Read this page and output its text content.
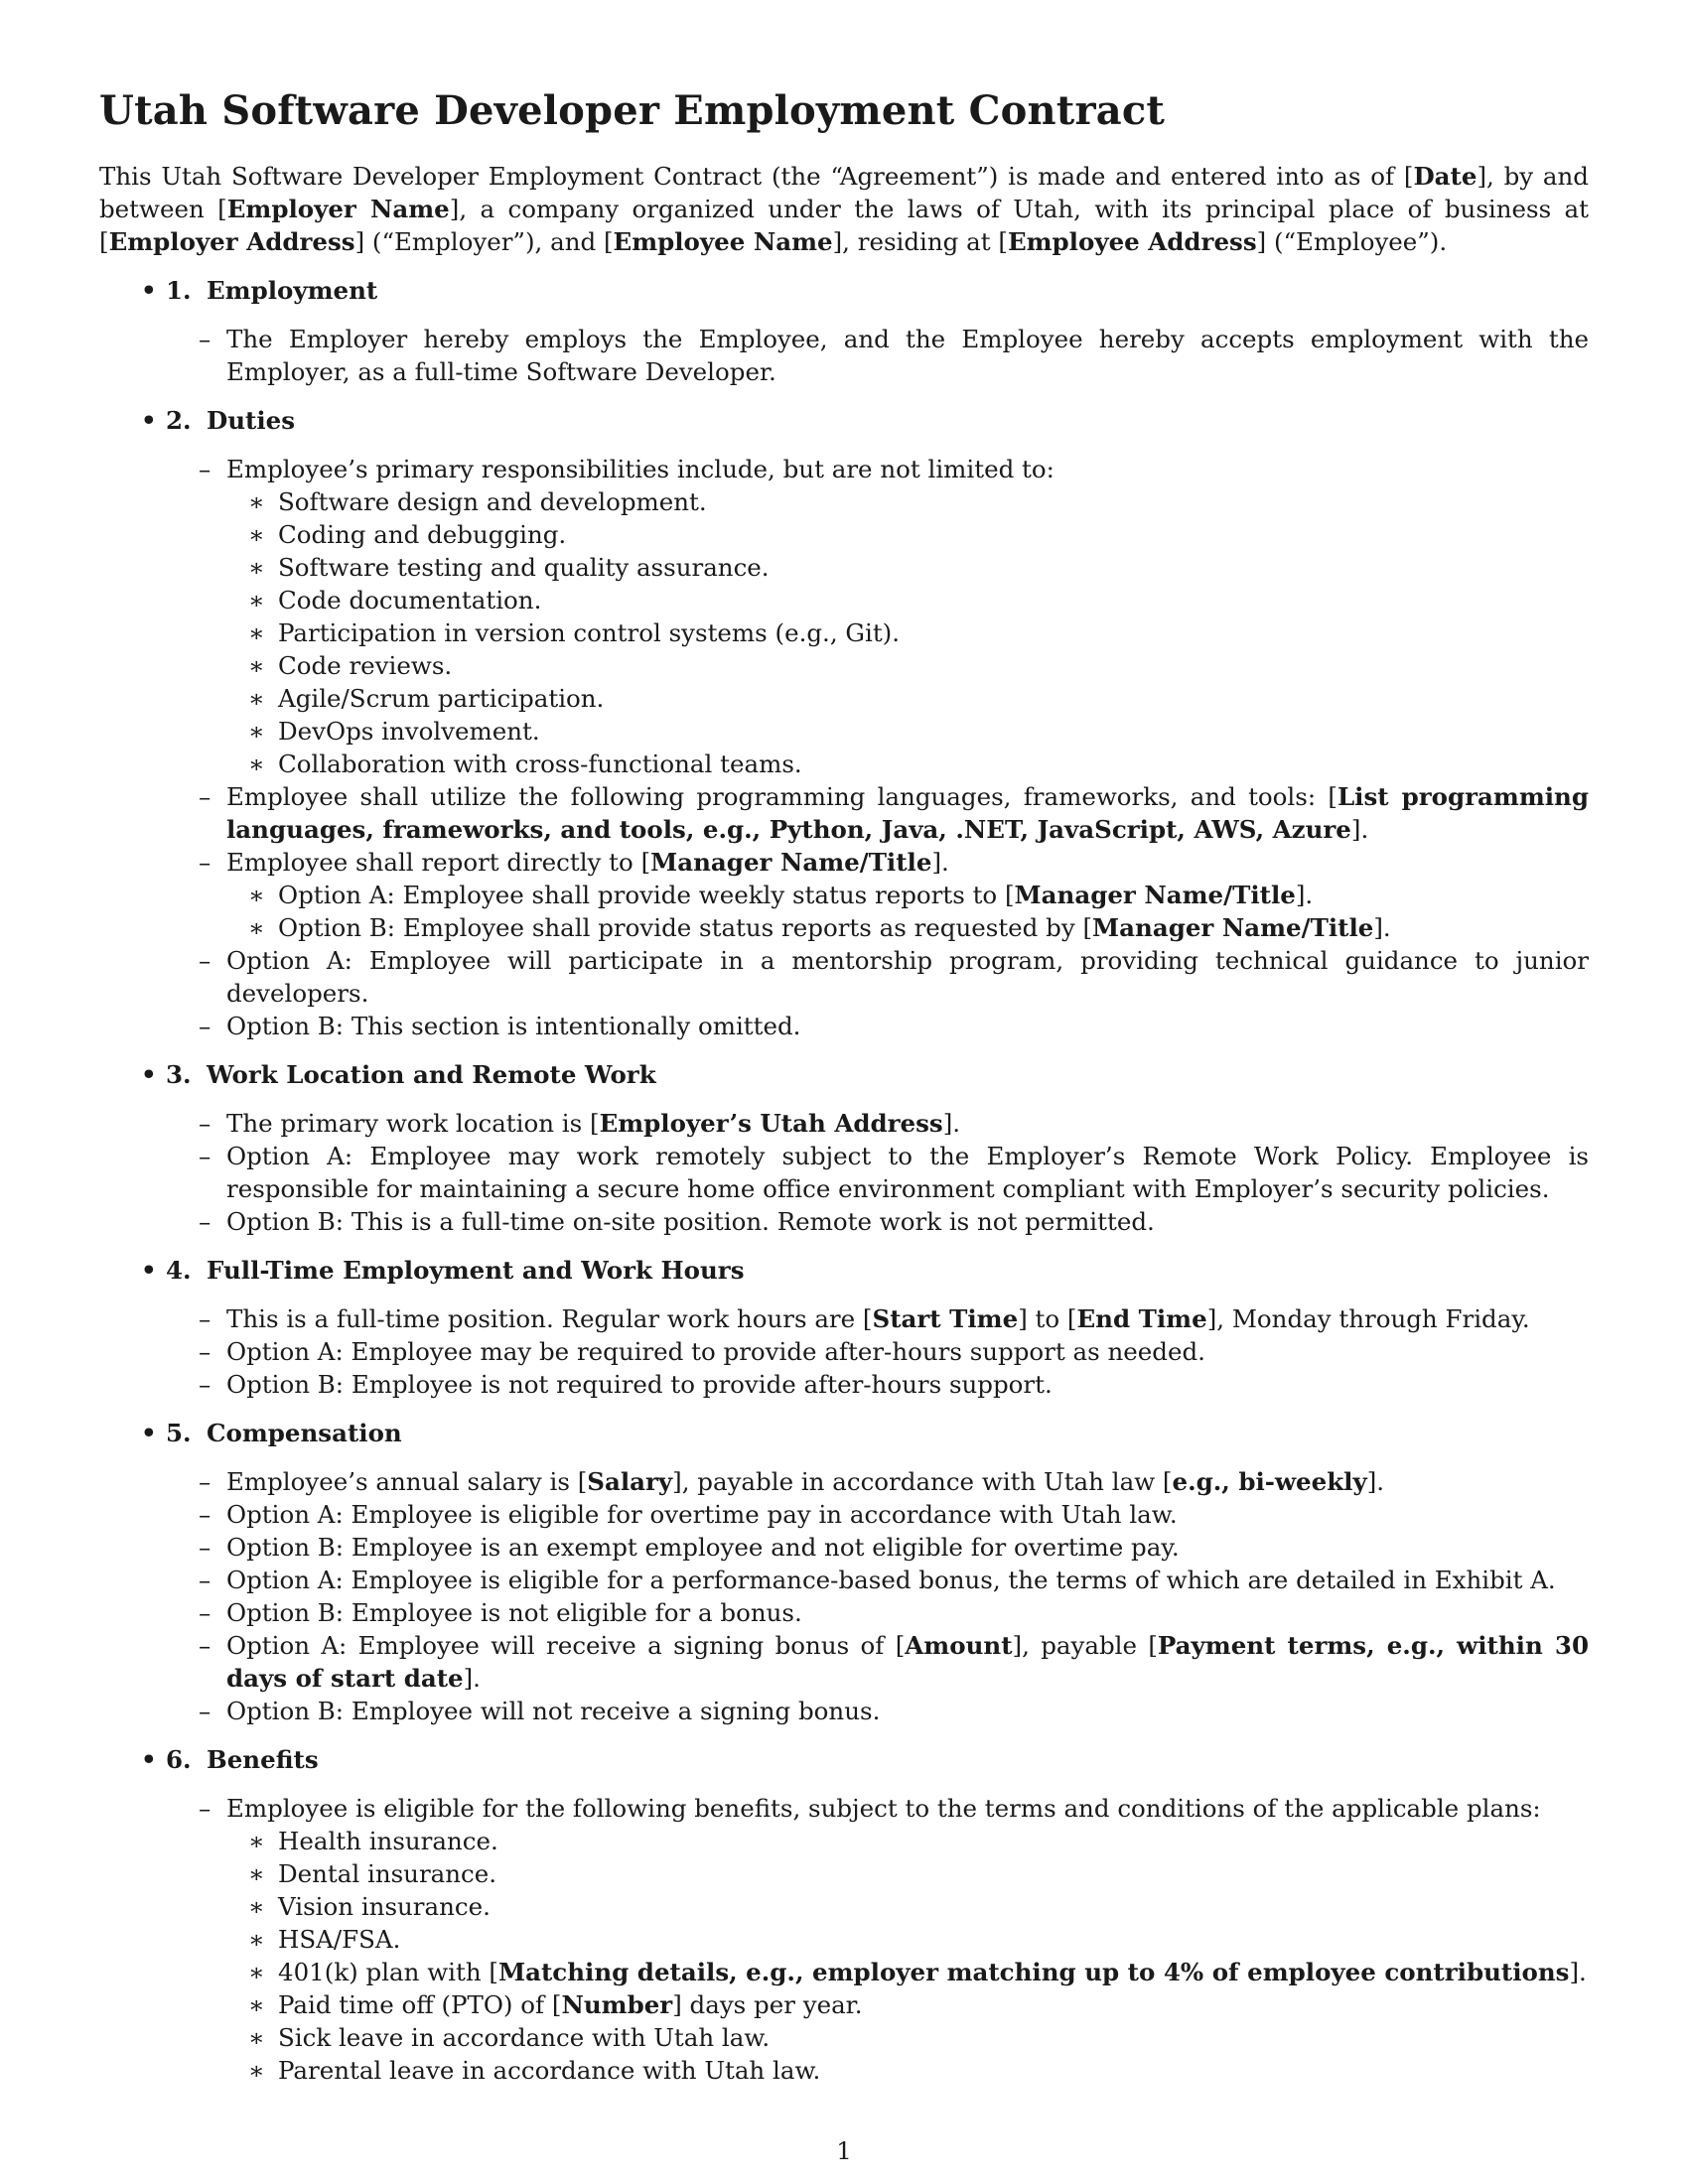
Utah Software Developer Employment Contract

This Utah Software Developer Employment Contract (the “Agreement”) is made and entered into as of [Date], by and between [Employer Name], a company organized under the laws of Utah, with its principal place of business at [Employer Address] (“Employer”), and [Employee Name], residing at [Employee Address] (“Employee”).

• 1. Employment
– The Employer hereby employs the Employee, and the Employee hereby accepts employment with the Employer, as a full-time Software Developer.
• 2. Duties
– Employee’s primary responsibilities include, but are not limited to:
∗ Software design and development.
∗ Coding and debugging.
∗ Software testing and quality assurance.
∗ Code documentation.
∗ Participation in version control systems (e.g., Git).
∗ Code reviews.
∗ Agile/Scrum participation.
∗ DevOps involvement.
∗ Collaboration with cross-functional teams.
– Employee shall utilize the following programming languages, frameworks, and tools: [List programming languages, frameworks, and tools, e.g., Python, Java, .NET, JavaScript, AWS, Azure].
– Employee shall report directly to [Manager Name/Title].
∗ Option A: Employee shall provide weekly status reports to [Manager Name/Title].
∗ Option B: Employee shall provide status reports as requested by [Manager Name/Title].
– Option A: Employee will participate in a mentorship program, providing technical guidance to junior developers.
– Option B: This section is intentionally omitted.
• 3. Work Location and Remote Work
– The primary work location is [Employer’s Utah Address].
– Option A: Employee may work remotely subject to the Employer’s Remote Work Policy. Employee is responsible for maintaining a secure home office environment compliant with Employer’s security policies.
– Option B: This is a full-time on-site position. Remote work is not permitted.
• 4. Full-Time Employment and Work Hours
– This is a full-time position. Regular work hours are [Start Time] to [End Time], Monday through Friday.
– Option A: Employee may be required to provide after-hours support as needed.
– Option B: Employee is not required to provide after-hours support.
• 5. Compensation
– Employee’s annual salary is [Salary], payable in accordance with Utah law [e.g., bi-weekly].
– Option A: Employee is eligible for overtime pay in accordance with Utah law.
– Option B: Employee is an exempt employee and not eligible for overtime pay.
– Option A: Employee is eligible for a performance-based bonus, the terms of which are detailed in Exhibit A.
– Option B: Employee is not eligible for a bonus.
– Option A: Employee will receive a signing bonus of [Amount], payable [Payment terms, e.g., within 30 days of start date].
– Option B: Employee will not receive a signing bonus.
• 6. Benefits
– Employee is eligible for the following benefits, subject to the terms and conditions of the applicable plans:
∗ Health insurance.
∗ Dental insurance.
∗ Vision insurance.
∗ HSA/FSA.
∗ 401(k) plan with [Matching details, e.g., employer matching up to 4% of employee contributions].
∗ Paid time off (PTO) of [Number] days per year.
∗ Sick leave in accordance with Utah law.
∗ Parental leave in accordance with Utah law.
1
